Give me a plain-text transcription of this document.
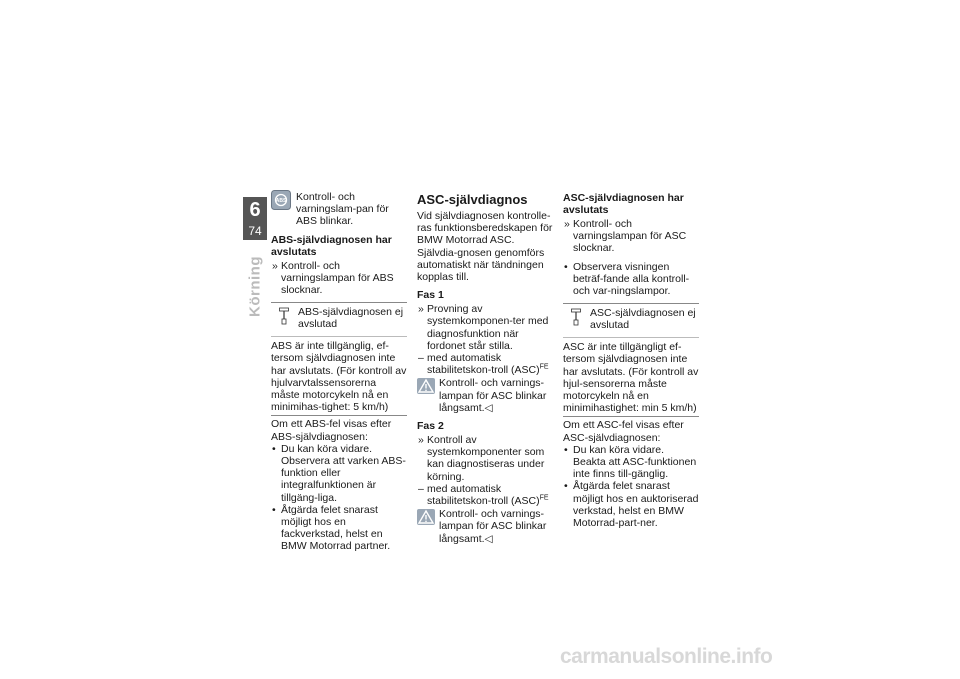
6
74
Körning
ABS Kontroll- och varningslam-pan för ABS blinkar.

ABS-självdiagnosen har avslutats
» Kontroll- och varningslampan för ABS slocknar.

ABS-självdiagnosen ej avslutad

ABS är inte tillgänglig, ef-tersom självdiagnosen inte har avslutats. (För kontroll av hjulvarvtalssensorerna måste motorcykeln nå en minimihas-tighet: 5 km/h)

Om ett ABS-fel visas efter ABS-självdiagnosen:

• Du kan köra vidare. Observera att varken ABS-funktion eller integralfunktionen är tillgäng-liga.

• Åtgärda felet snarast möjligt hos en fackverkstad, helst en BMW Motorrad partner.

ASC-självdiagnos

Vid självdiagnosen kontrolle-ras funktionsberedskapen för BMW Motorrad ASC. Självdia-gnosen genomförs automatiskt när tändningen kopplas till.

Fas 1
» Provning av systemkomponen-ter med diagnosfunktion när fordonet står stilla.

– med automatisk stabilitetskon-troll (ASC)$^{FE}$

Kontroll- och varnings-lampan för ASC blinkar långsamt.◁

Fas 2
» Kontroll av systemkomponenter som kan diagnostiseras under körning.

– med automatisk stabilitetskon-troll (ASC)$^{FE}$

Kontroll- och varnings-lampan för ASC blinkar långsamt.◁

ASC-självdiagnosen har avslutats
» Kontroll- och varningslampan för ASC slocknar.

• Observera visningen beträf-fande alla kontroll- och var-ningslampor.

ASC-självdiagnosen ej avslutad

ASC är inte tillgängligt ef-tersom självdiagnosen inte har avslutats. (För kontroll av hjul-sensorerna måste motorcykeln nå en minimihastighet: min 5 km/h)

Om ett ASC-fel visas efter ASC-självdiagnosen:

• Du kan köra vidare. Beakta att ASC-funktionen inte finns till-gänglig.

• Åtgärda felet snarast möjligt hos en auktoriserad verkstad, helst en BMW Motorrad-part-ner.

carmanualsonline.info
